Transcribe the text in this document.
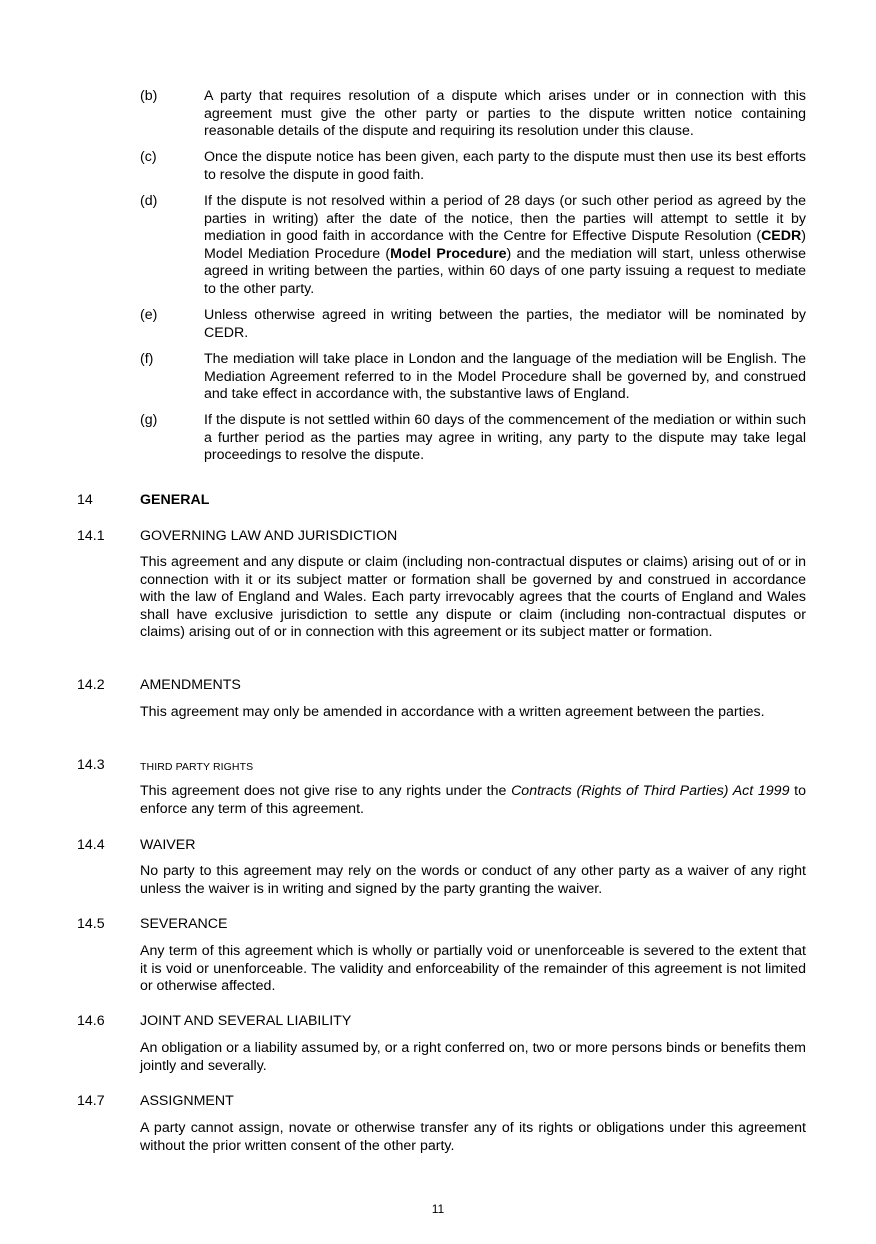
(b)	A party that requires resolution of a dispute which arises under or in connection with this agreement must give the other party or parties to the dispute written notice containing reasonable details of the dispute and requiring its resolution under this clause.
(c)	Once the dispute notice has been given, each party to the dispute must then use its best efforts to resolve the dispute in good faith.
(d)	If the dispute is not resolved within a period of 28 days (or such other period as agreed by the parties in writing) after the date of the notice, then the parties will attempt to settle it by mediation in good faith in accordance with the Centre for Effective Dispute Resolution (CEDR) Model Mediation Procedure (Model Procedure) and the mediation will start, unless otherwise agreed in writing between the parties, within 60 days of one party issuing a request to mediate to the other party.
(e)	Unless otherwise agreed in writing between the parties, the mediator will be nominated by CEDR.
(f)	The mediation will take place in London and the language of the mediation will be English. The Mediation Agreement referred to in the Model Procedure shall be governed by, and construed and take effect in accordance with, the substantive laws of England.
(g)	If the dispute is not settled within 60 days of the commencement of the mediation or within such a further period as the parties may agree in writing, any party to the dispute may take legal proceedings to resolve the dispute.
14	GENERAL
14.1 GOVERNING LAW AND JURISDICTION
This agreement and any dispute or claim (including non-contractual disputes or claims) arising out of or in connection with it or its subject matter or formation shall be governed by and construed in accordance with the law of England and Wales. Each party irrevocably agrees that the courts of England and Wales shall have exclusive jurisdiction to settle any dispute or claim (including non-contractual disputes or claims) arising out of or in connection with this agreement or its subject matter or formation.
14.2 AMENDMENTS
This agreement may only be amended in accordance with a written agreement between the parties.
14.3	THIRD PARTY RIGHTS
This agreement does not give rise to any rights under the Contracts (Rights of Third Parties) Act 1999 to enforce any term of this agreement.
14.4 WAIVER
No party to this agreement may rely on the words or conduct of any other party as a waiver of any right unless the waiver is in writing and signed by the party granting the waiver.
14.5 SEVERANCE
Any term of this agreement which is wholly or partially void or unenforceable is severed to the extent that it is void or unenforceable. The validity and enforceability of the remainder of this agreement is not limited or otherwise affected.
14.6 JOINT AND SEVERAL LIABILITY
An obligation or a liability assumed by, or a right conferred on, two or more persons binds or benefits them jointly and severally.
14.7 ASSIGNMENT
A party cannot assign, novate or otherwise transfer any of its rights or obligations under this agreement without the prior written consent of the other party.
11
